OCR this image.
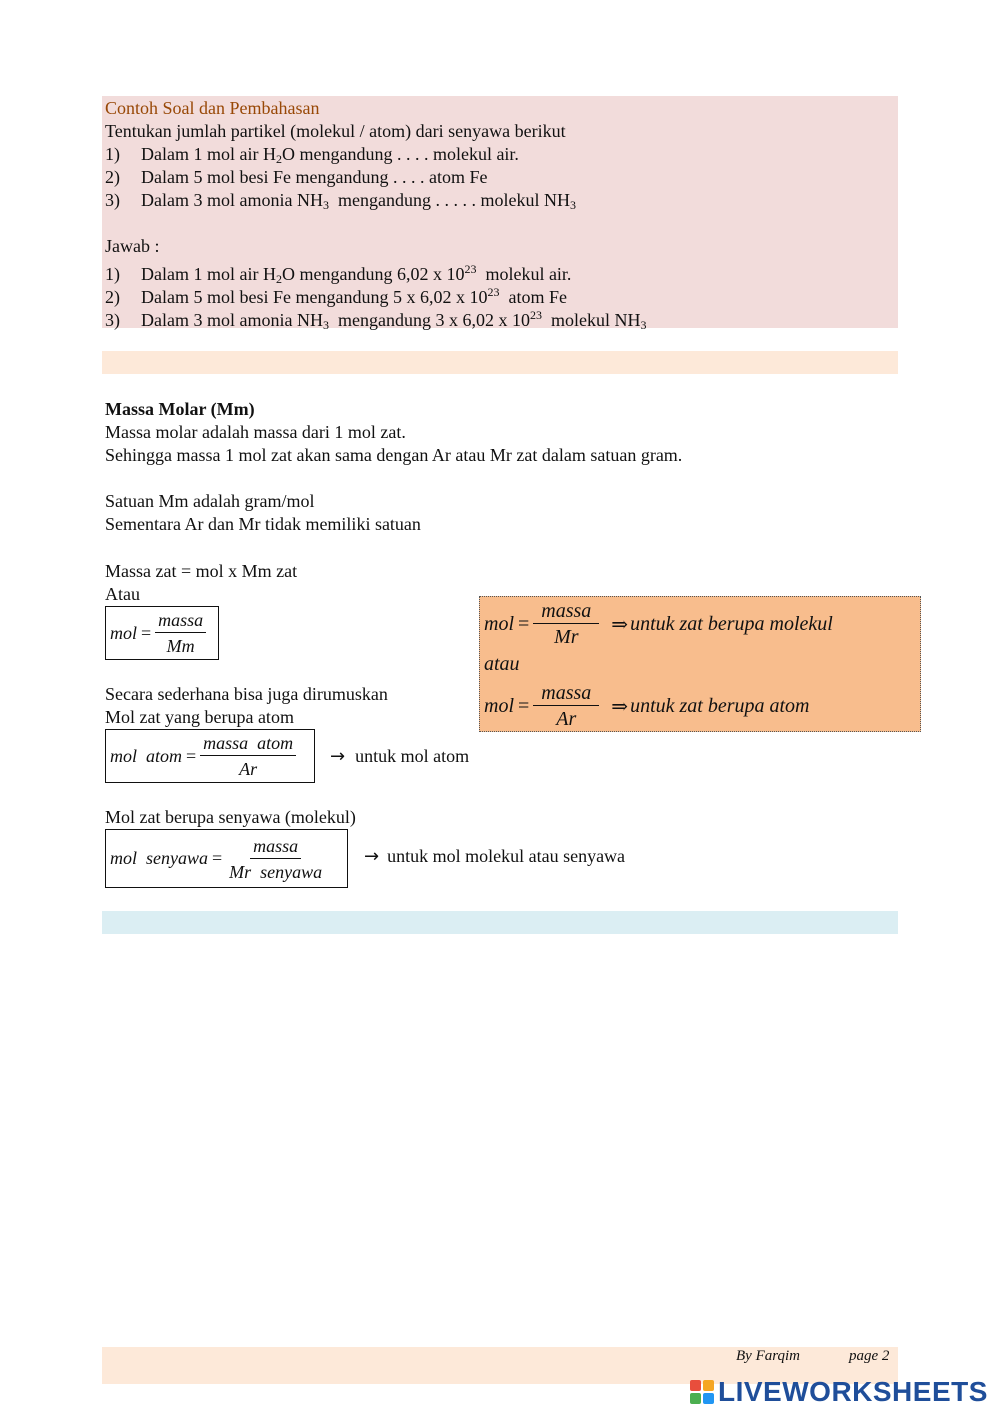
Contoh Soal dan Pembahasan
Tentukan jumlah partikel (molekul / atom) dari senyawa berikut
1) Dalam 1 mol air $H_2O$ mengandung . . . . molekul air.
2) Dalam 5 mol besi Fe mengandung . . . . atom Fe
3) Dalam 3 mol amonia $NH_3$  mengandung . . . . . molekul $NH_3$
Jawab :
1) Dalam 1 mol air $H_2O$ mengandung 6,02 x $10^{23}$  molekul air.
2) Dalam 5 mol besi Fe mengandung 5 x 6,02 x $10^{23}$  atom Fe
3) Dalam 3 mol amonia $NH_3$  mengandung 3 x 6,02 x $10^{23}$  molekul $NH_3$
Massa Molar (Mm)
Massa molar adalah massa dari 1 mol zat.
Sehingga massa 1 mol zat akan sama dengan Ar atau Mr zat dalam satuan gram.
Satuan Mm adalah gram/mol
Sementara Ar dan Mr tidak memiliki satuan
Massa zat = mol x Mm zat
Atau
mol = $\frac{\text{massa}}{Mm}$
Secara sederhana bisa juga dirumuskan
Mol zat yang berupa atom
mol  atom = $\frac{\text{massa  atom}}{Ar}$ → untuk mol atom
Mol zat berupa senyawa (molekul)
mol  senyawa = $\frac{\text{massa}}{\text{Mr  senyawa}}$ → untuk mol molekul atau senyawa
mol = $\frac{\text{massa}}{Mr}$ ⇒ untuk zat berupa molekul
atau
mol = $\frac{\text{massa}}{Ar}$ ⇒ untuk zat berupa atom
By Farqim	page 2
LIVEWORKSHEETS
